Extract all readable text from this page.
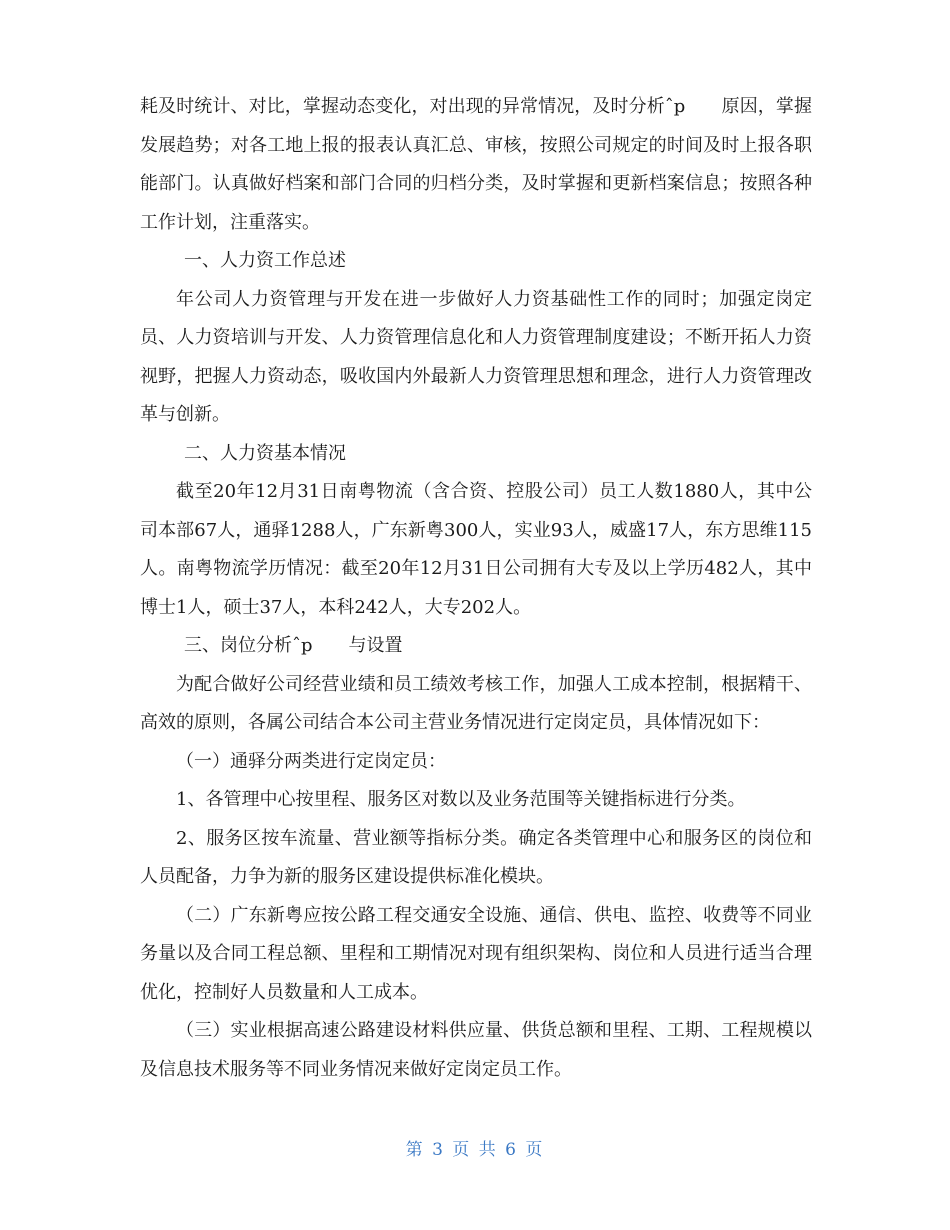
耗及时统计、对比，掌握动态变化，对出现的异常情况，及时分析ˆp　　原因，掌握发展趋势；对各工地上报的报表认真汇总、审核，按照公司规定的时间及时上报各职能部门。认真做好档案和部门合同的归档分类，及时掌握和更新档案信息；按照各种工作计划，注重落实。

一、人力资工作总述

年公司人力资管理与开发在进一步做好人力资基础性工作的同时；加强定岗定员、人力资培训与开发、人力资管理信息化和人力资管理制度建设；不断开拓人力资视野，把握人力资动态，吸收国内外最新人力资管理思想和理念，进行人力资管理改革与创新。

二、人力资基本情况

截至20年12月31日南粤物流（含合资、控股公司）员工人数1880人，其中公司本部67人，通驿1288人，广东新粤300人，实业93人，威盛17人，东方思维115人。南粤物流学历情况：截至20年12月31日公司拥有大专及以上学历482人，其中博士1人，硕士37人，本科242人，大专202人。

三、岗位分析ˆp　　与设置

为配合做好公司经营业绩和员工绩效考核工作，加强人工成本控制，根据精干、高效的原则，各属公司结合本公司主营业务情况进行定岗定员，具体情况如下：

（一）通驿分两类进行定岗定员：

1、各管理中心按里程、服务区对数以及业务范围等关键指标进行分类。

2、服务区按车流量、营业额等指标分类。确定各类管理中心和服务区的岗位和人员配备，力争为新的服务区建设提供标准化模块。

（二）广东新粤应按公路工程交通安全设施、通信、供电、监控、收费等不同业务量以及合同工程总额、里程和工期情况对现有组织架构、岗位和人员进行适当合理优化，控制好人员数量和人工成本。

（三）实业根据高速公路建设材料供应量、供货总额和里程、工期、工程规模以及信息技术服务等不同业务情况来做好定岗定员工作。

第 3 页 共 6 页
